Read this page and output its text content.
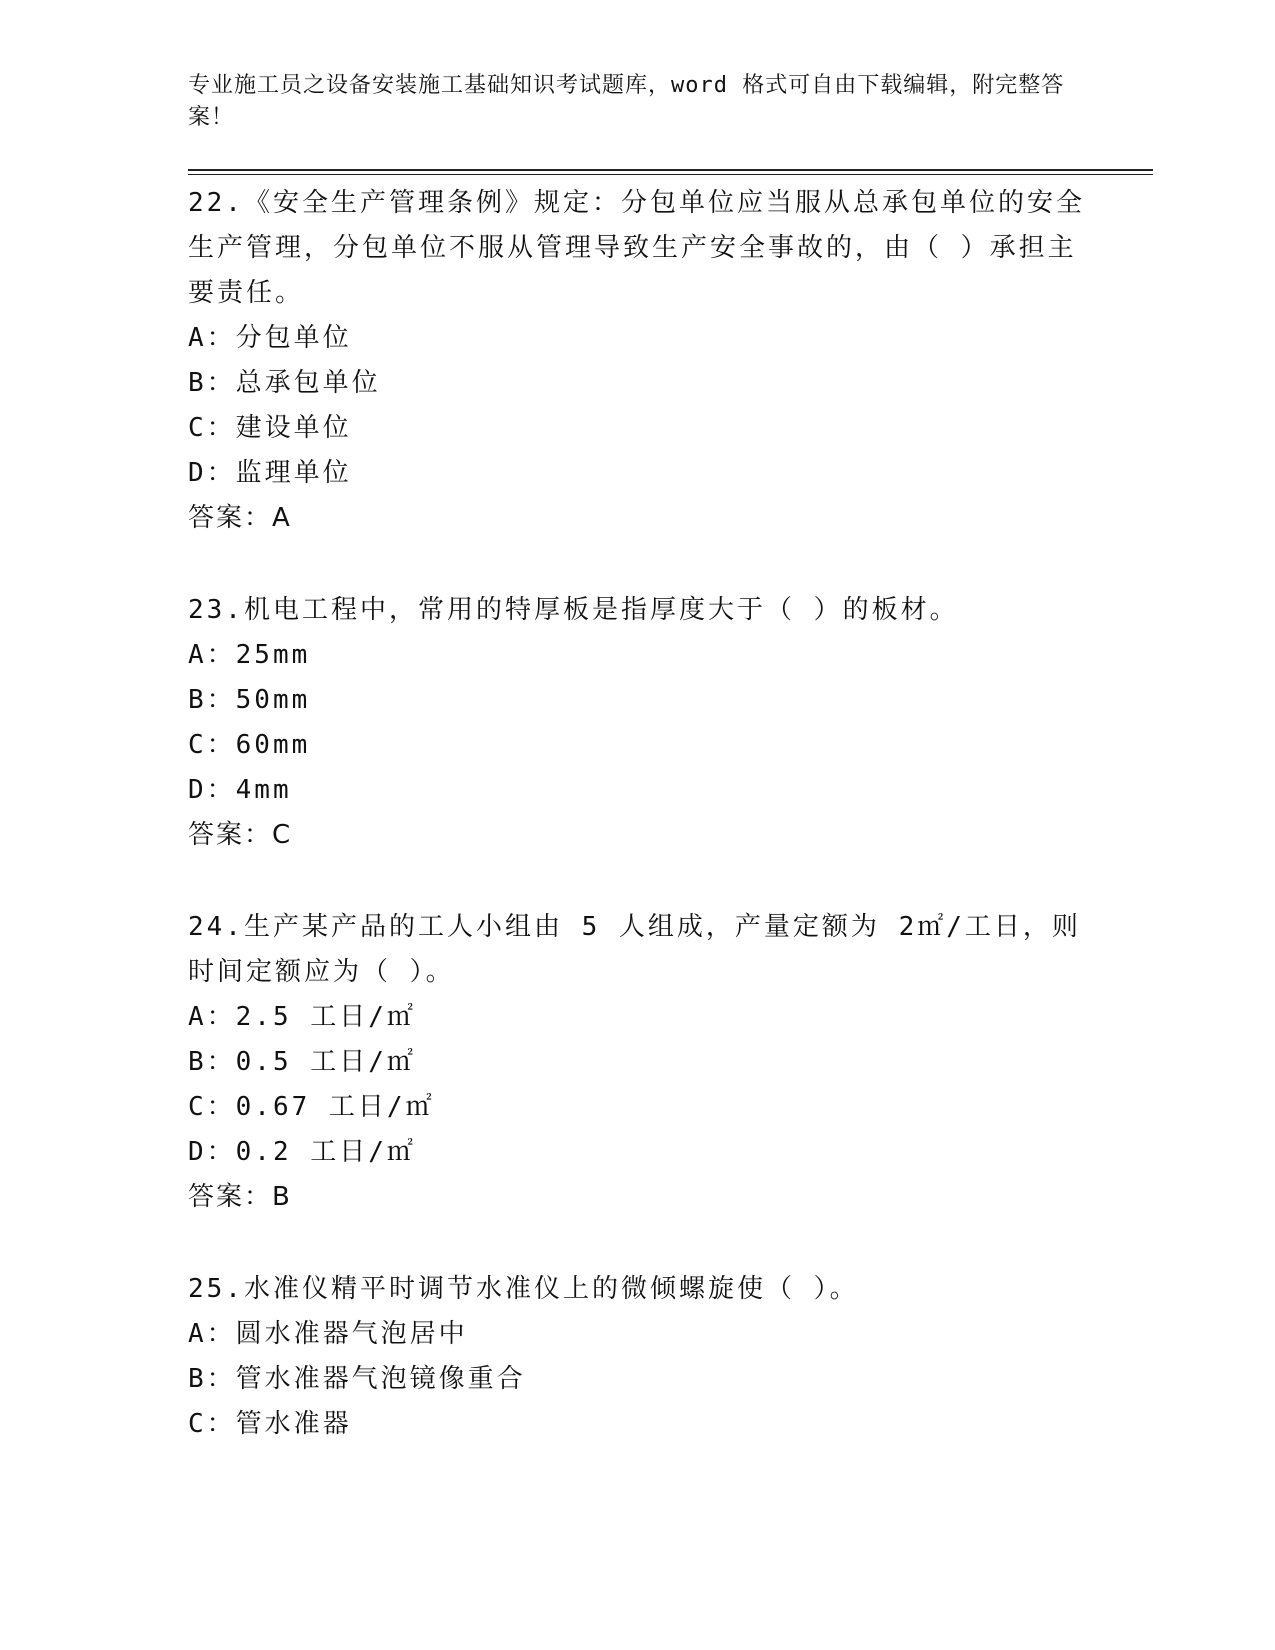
专业施工员之设备安装施工基础知识考试题库，word 格式可自由下载编辑，附完整答案！

22.《安全生产管理条例》规定：分包单位应当服从总承包单位的安全生产管理，分包单位不服从管理导致生产安全事故的，由（ ）承担主要责任。

A：分包单位

B：总承包单位

C：建设单位

D：监理单位

答案：A

23.机电工程中，常用的特厚板是指厚度大于（ ）的板材。

A：25mm

B：50mm

C：60mm

D：4mm

答案：C

24.生产某产品的工人小组由 5 人组成，产量定额为 2㎡/工日，则时间定额应为（ ）。

A：2.5 工日/㎡

B：0.5 工日/㎡

C：0.67 工日/㎡

D：0.2 工日/㎡

答案：B

25.水准仪精平时调节水准仪上的微倾螺旋使（ ）。

A：圆水准器气泡居中

B：管水准器气泡镜像重合

C：管水准器
